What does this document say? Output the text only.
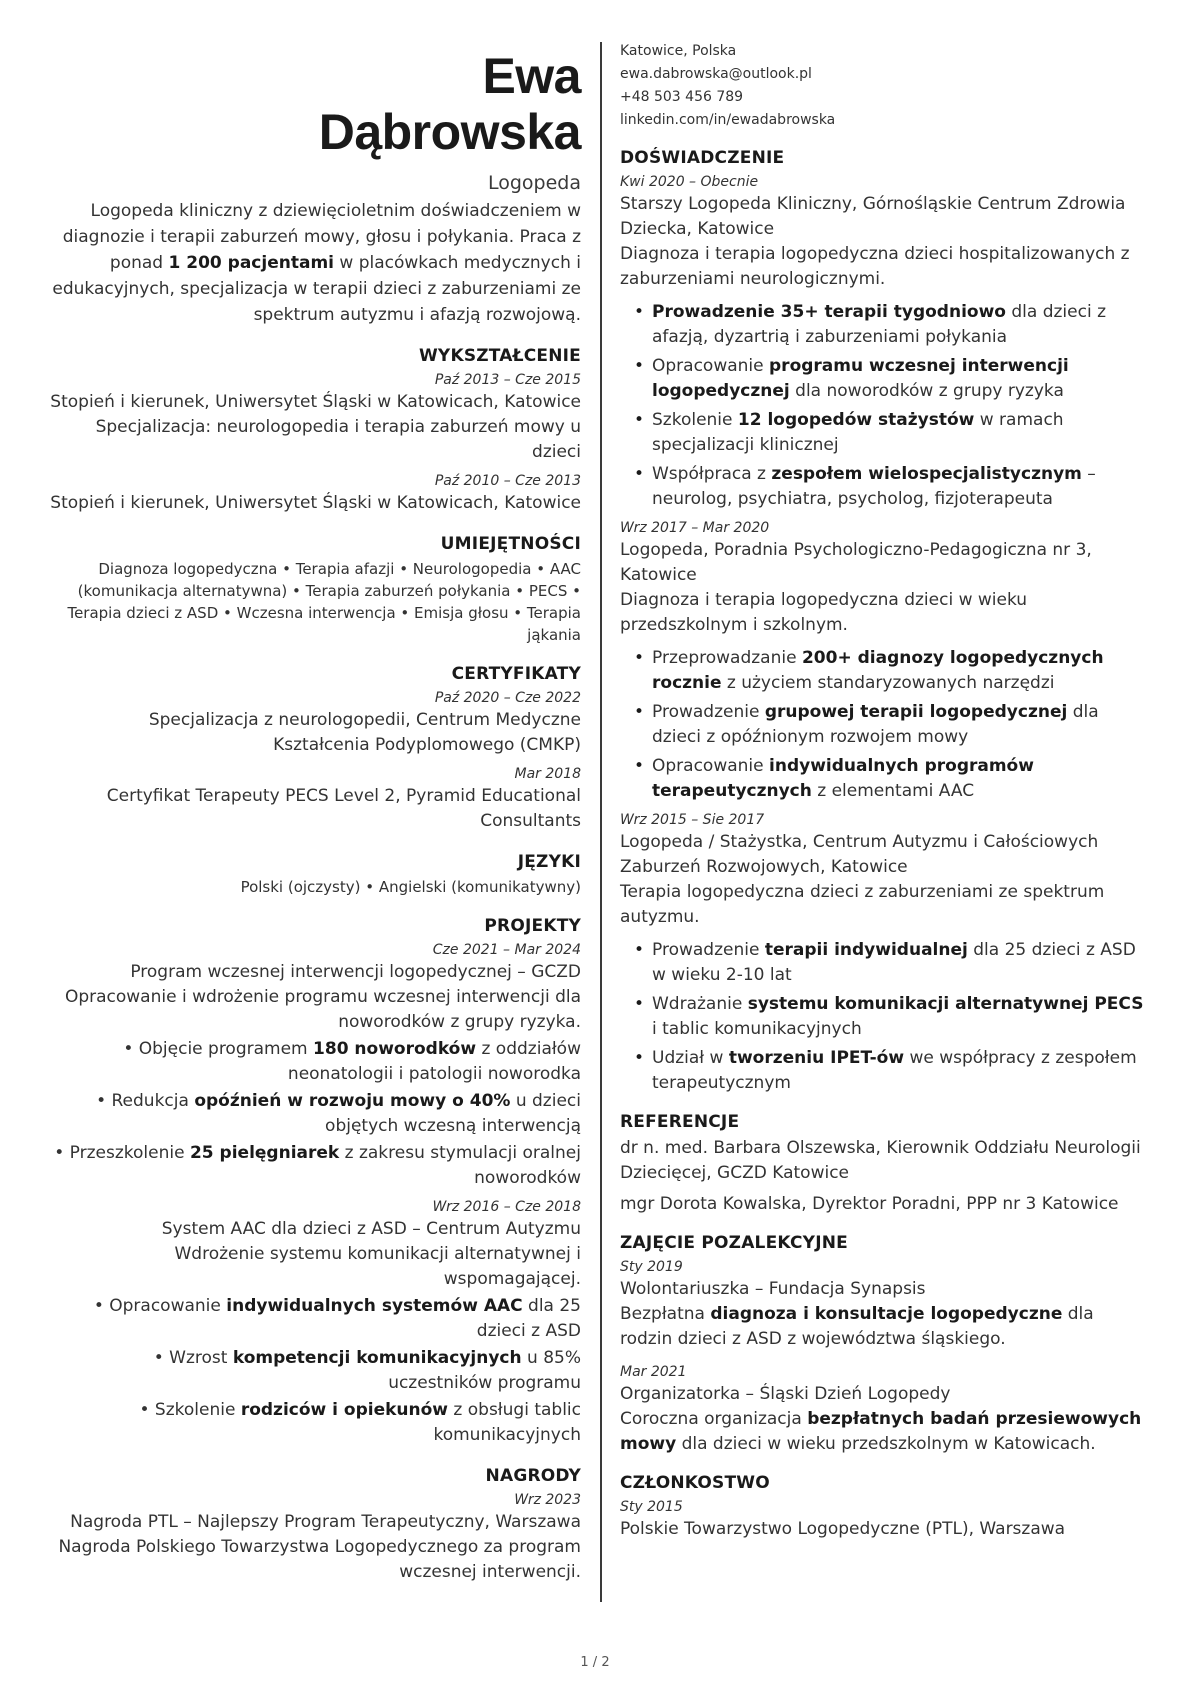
Ewa
Dąbrowska
Logopeda
Logopeda kliniczny z dziewięcioletnim doświadczeniem w diagnozie i terapii zaburzeń mowy, głosu i połykania. Praca z ponad 1 200 pacjentami w placówkach medycznych i edukacyjnych, specjalizacja w terapii dzieci z zaburzeniami ze spektrum autyzmu i afazją rozwojową.
WYKSZTAŁCENIE
Paź 2013 – Cze 2015
Stopień i kierunek, Uniwersytet Śląski w Katowicach, Katowice
Specjalizacja: neurologopedia i terapia zaburzeń mowy u dzieci
Paź 2010 – Cze 2013
Stopień i kierunek, Uniwersytet Śląski w Katowicach, Katowice
UMIEJĘTNOŚCI
Diagnoza logopedyczna • Terapia afazji • Neurologopedia • AAC (komunikacja alternatywna) • Terapia zaburzeń połykania • PECS • Terapia dzieci z ASD • Wczesna interwencja • Emisja głosu • Terapia jąkania
CERTYFIKATY
Paź 2020 – Cze 2022
Specjalizacja z neurologopedii, Centrum Medyczne Kształcenia Podyplomowego (CMKP)
Mar 2018
Certyfikat Terapeuty PECS Level 2, Pyramid Educational Consultants
JĘZYKI
Polski (ojczysty) • Angielski (komunikatywny)
PROJEKTY
Cze 2021 – Mar 2024
Program wczesnej interwencji logopedycznej – GCZD
Opracowanie i wdrożenie programu wczesnej interwencji dla noworodków z grupy ryzyka.
• Objęcie programem 180 noworodków z oddziałów neonatologii i patologii noworodka
• Redukcja opóźnień w rozwoju mowy o 40% u dzieci objętych wczesną interwencją
• Przeszkolenie 25 pielęgniarek z zakresu stymulacji oralnej noworodków
Wrz 2016 – Cze 2018
System AAC dla dzieci z ASD – Centrum Autyzmu
Wdrożenie systemu komunikacji alternatywnej i wspomagającej.
• Opracowanie indywidualnych systemów AAC dla 25 dzieci z ASD
• Wzrost kompetencji komunikacyjnych u 85% uczestników programu
• Szkolenie rodziców i opiekunów z obsługi tablic komunikacyjnych
NAGRODY
Wrz 2023
Nagroda PTL – Najlepszy Program Terapeutyczny, Warszawa
Nagroda Polskiego Towarzystwa Logopedycznego za program wczesnej interwencji.
Katowice, Polska
ewa.dabrowska@outlook.pl
+48 503 456 789
linkedin.com/in/ewadabrowska
DOŚWIADCZENIE
Kwi 2020 – Obecnie
Starszy Logopeda Kliniczny, Górnośląskie Centrum Zdrowia Dziecka, Katowice
Diagnoza i terapia logopedyczna dzieci hospitalizowanych z zaburzeniami neurologicznymi.
• Prowadzenie 35+ terapii tygodniowo dla dzieci z afazją, dyzartrią i zaburzeniami połykania
• Opracowanie programu wczesnej interwencji logopedycznej dla noworodków z grupy ryzyka
• Szkolenie 12 logopedów stażystów w ramach specjalizacji klinicznej
• Współpraca z zespołem wielospecjalistycznym – neurolog, psychiatra, psycholog, fizjoterapeuta
Wrz 2017 – Mar 2020
Logopeda, Poradnia Psychologiczno-Pedagogiczna nr 3, Katowice
Diagnoza i terapia logopedyczna dzieci w wieku przedszkolnym i szkolnym.
• Przeprowadzanie 200+ diagnozy logopedycznych rocznie z użyciem standaryzowanych narzędzi
• Prowadzenie grupowej terapii logopedycznej dla dzieci z opóźnionym rozwojem mowy
• Opracowanie indywidualnych programów terapeutycznych z elementami AAC
Wrz 2015 – Sie 2017
Logopeda / Stażystka, Centrum Autyzmu i Całościowych Zaburzeń Rozwojowych, Katowice
Terapia logopedyczna dzieci z zaburzeniami ze spektrum autyzmu.
• Prowadzenie terapii indywidualnej dla 25 dzieci z ASD w wieku 2-10 lat
• Wdrażanie systemu komunikacji alternatywnej PECS i tablic komunikacyjnych
• Udział w tworzeniu IPET-ów we współpracy z zespołem terapeutycznym
REFERENCJE
dr n. med. Barbara Olszewska, Kierownik Oddziału Neurologii Dziecięcej, GCZD Katowice
mgr Dorota Kowalska, Dyrektor Poradni, PPP nr 3 Katowice
ZAJĘCIE POZALEKCYJNE
Sty 2019
Wolontariuszka – Fundacja Synapsis
Bezpłatna diagnoza i konsultacje logopedyczne dla rodzin dzieci z ASD z województwa śląskiego.
Mar 2021
Organizatorka – Śląski Dzień Logopedy
Coroczna organizacja bezpłatnych badań przesiewowych mowy dla dzieci w wieku przedszkolnym w Katowicach.
CZŁONKOSTWO
Sty 2015
Polskie Towarzystwo Logopedyczne (PTL), Warszawa
1 / 2
